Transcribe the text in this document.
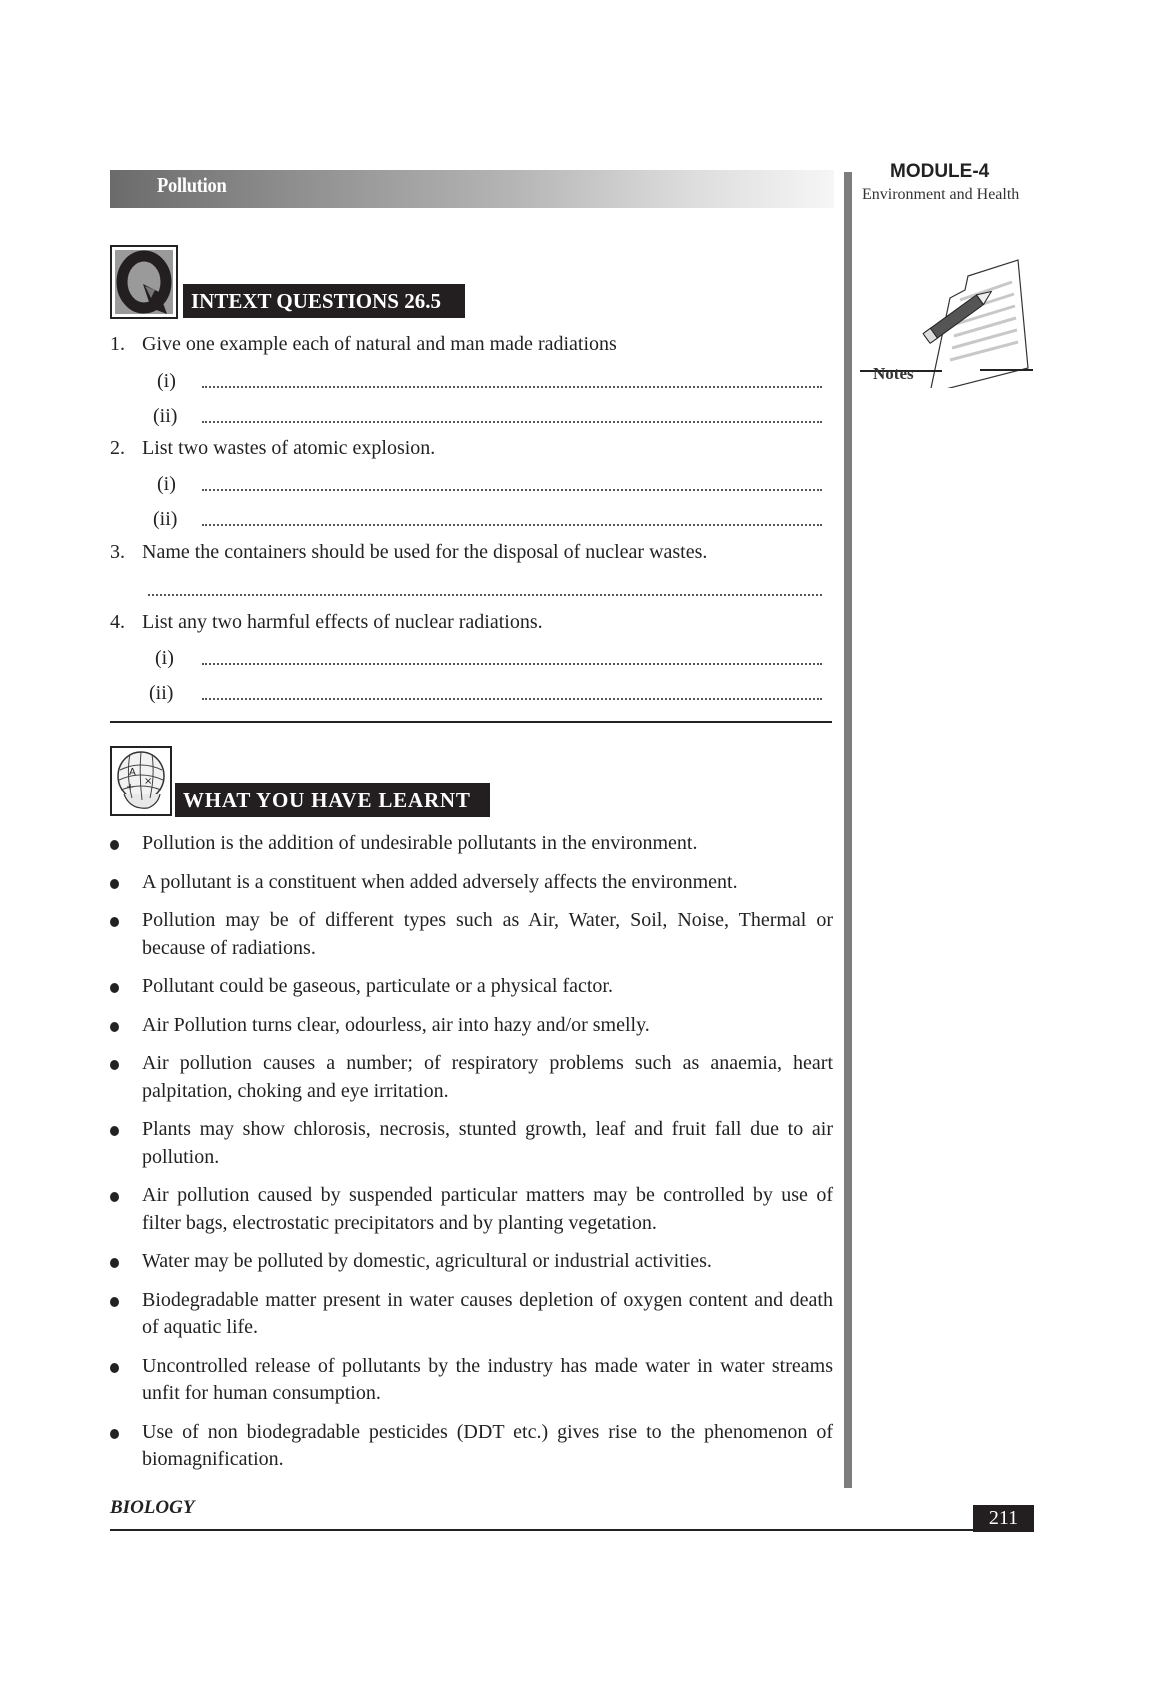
Pollution
MODULE-4
Environment and Health
Notes
INTEXT QUESTIONS 26.5
1. Give one example each of natural and man made radiations
(i)
(ii)
2. List two wastes of atomic explosion.
(i)
(ii)
3. Name the containers should be used for the disposal of nuclear wastes.
4. List any two harmful effects of nuclear radiations.
(i)
(ii)
A
×
+	WHAT YOU HAVE LEARNT
Pollution is the addition of undesirable pollutants in the environment.
A pollutant is a constituent when added adversely affects the environment.
Pollution may be of different types such as Air, Water, Soil, Noise, Thermal or because of radiations.
Pollutant could be gaseous, particulate or a physical factor.
Air Pollution turns clear, odourless, air into hazy and/or smelly.
Air pollution causes a number; of respiratory problems such as anaemia, heart palpitation, choking and eye irritation.
Plants may show chlorosis, necrosis, stunted growth, leaf and fruit fall due to air pollution.
Air pollution caused by suspended particular matters may be controlled by use of filter bags, electrostatic precipitators and by planting vegetation.
Water may be polluted by domestic, agricultural or industrial activities.
Biodegradable matter present in water causes depletion of oxygen content and death of aquatic life.
Uncontrolled release of pollutants by the industry has made water in water streams unfit for human consumption.
Use of non biodegradable pesticides (DDT etc.) gives rise to the phenomenon of biomagnification.
BIOLOGY	211
